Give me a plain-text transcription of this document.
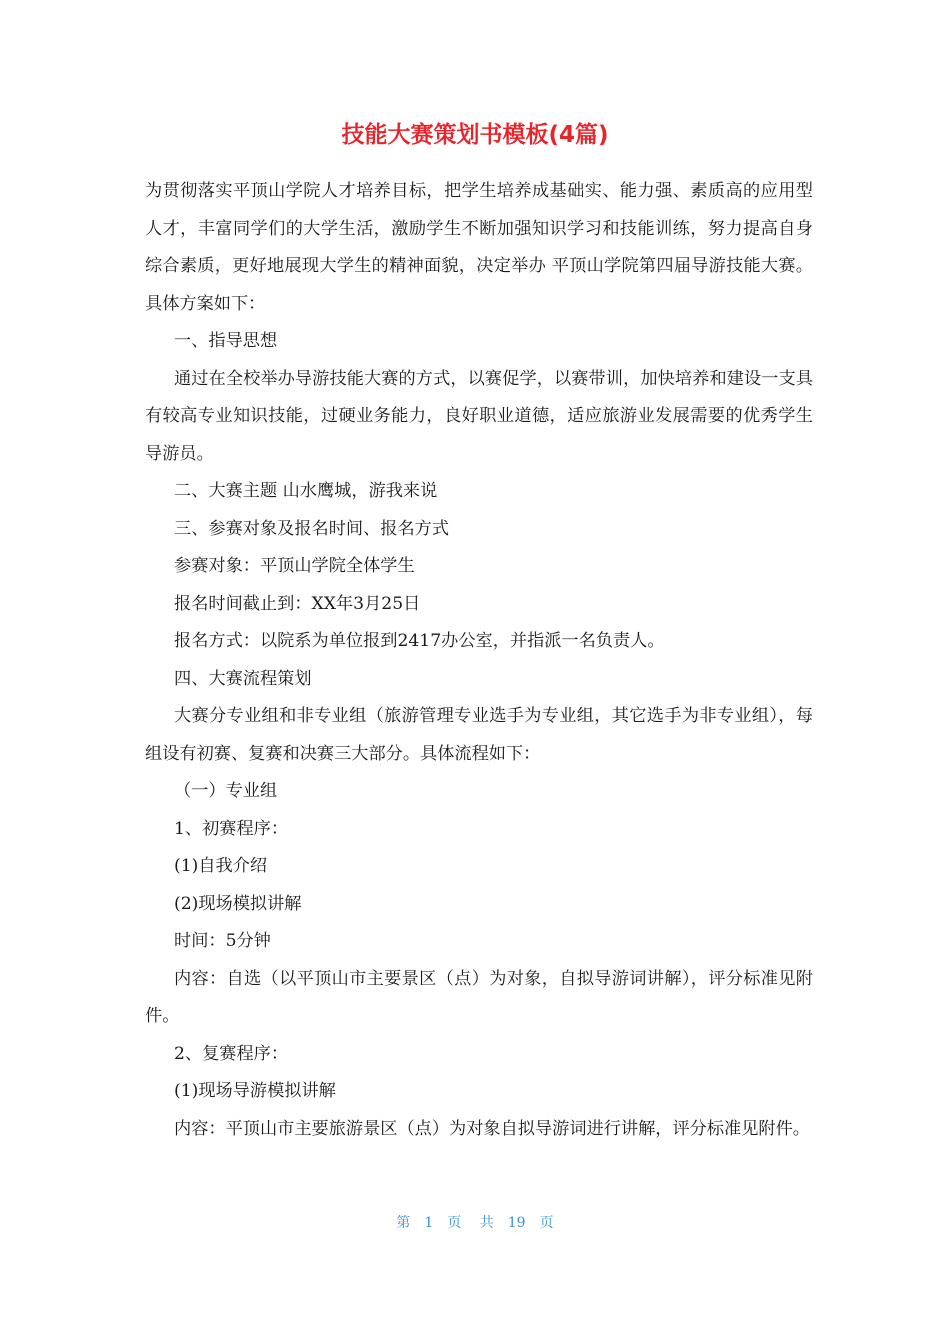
技能大赛策划书模板(4篇)

为贯彻落实平顶山学院人才培养目标，把学生培养成基础实、能力强、素质高的应用型人才，丰富同学们的大学生活，激励学生不断加强知识学习和技能训练，努力提高自身综合素质，更好地展现大学生的精神面貌，决定举办 平顶山学院第四届导游技能大赛。具体方案如下：

一、指导思想

通过在全校举办导游技能大赛的方式，以赛促学，以赛带训，加快培养和建设一支具有较高专业知识技能，过硬业务能力，良好职业道德，适应旅游业发展需要的优秀学生导游员。

二、大赛主题 山水鹰城，游我来说

三、参赛对象及报名时间、报名方式

参赛对象：平顶山学院全体学生

报名时间截止到：XX年3月25日

报名方式：以院系为单位报到2417办公室，并指派一名负责人。

四、大赛流程策划

大赛分专业组和非专业组（旅游管理专业选手为专业组，其它选手为非专业组），每组设有初赛、复赛和决赛三大部分。具体流程如下：

（一）专业组

1、初赛程序：

(1)自我介绍

(2)现场模拟讲解

时间：5分钟

内容：自选（以平顶山市主要景区（点）为对象，自拟导游词讲解），评分标准见附件。

2、复赛程序：

(1)现场导游模拟讲解

内容：平顶山市主要旅游景区（点）为对象自拟导游词进行讲解，评分标准见附件。

第 1 页 共 19 页
